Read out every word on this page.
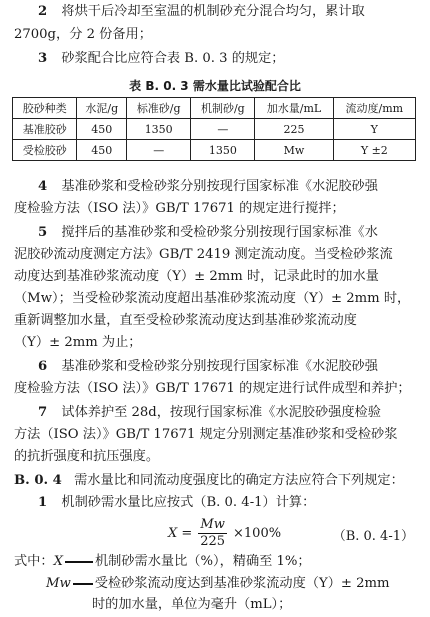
2 将烘干后冷却至室温的机制砂充分混合均匀，累计取
2700g，分 2 份备用；
3 砂浆配合比应符合表 B. 0. 3 的规定；
表 B. 0. 3 需水量比试验配合比
胶砂种类	水泥/g	标准砂/g	机制砂/g	加水量/mL	流动度/mm
基准胶砂	450	1350	—	225	Y
受检胶砂	450	—	1350	Mw	Y ±2
4 基准砂浆和受检砂浆分别按现行国家标准《水泥胶砂强
度检验方法（ISO 法）》GB/T 17671 的规定进行搅拌；
5 搅拌后的基准砂浆和受检砂浆分别按现行国家标准《水
泥胶砂流动度测定方法》GB/T 2419 测定流动度。当受检砂浆流
动度达到基准砂浆流动度（Y）± 2mm 时，记录此时的加水量
（Mw）；当受检砂浆流动度超出基准砂浆流动度（Y）± 2mm 时，
重新调整加水量，直至受检砂浆流动度达到基准砂浆流动度
（Y）± 2mm 为止；
6 基准砂浆和受检砂浆分别按现行国家标准《水泥胶砂强
度检验方法（ISO 法）》GB/T 17671 的规定进行试件成型和养护；
7 试体养护至 28d，按现行国家标准《水泥胶砂强度检验
方法（ISO 法）》GB/T 17671 规定分别测定基准砂浆和受检砂浆
的抗折强度和抗压强度。
B. 0. 4 需水量比和同流动度强度比的确定方法应符合下列规定：
1 机制砂需水量比应按式（B. 0. 4-1）计算：
$X = \frac{Mw}{225} \times 100\%$	（B. 0. 4-1）
式中：X 机制砂需水量比（%），精确至 1%；
Mw 受检砂浆流动度达到基准砂浆流动度（Y）± 2mm
时的加水量，单位为毫升（mL）；
